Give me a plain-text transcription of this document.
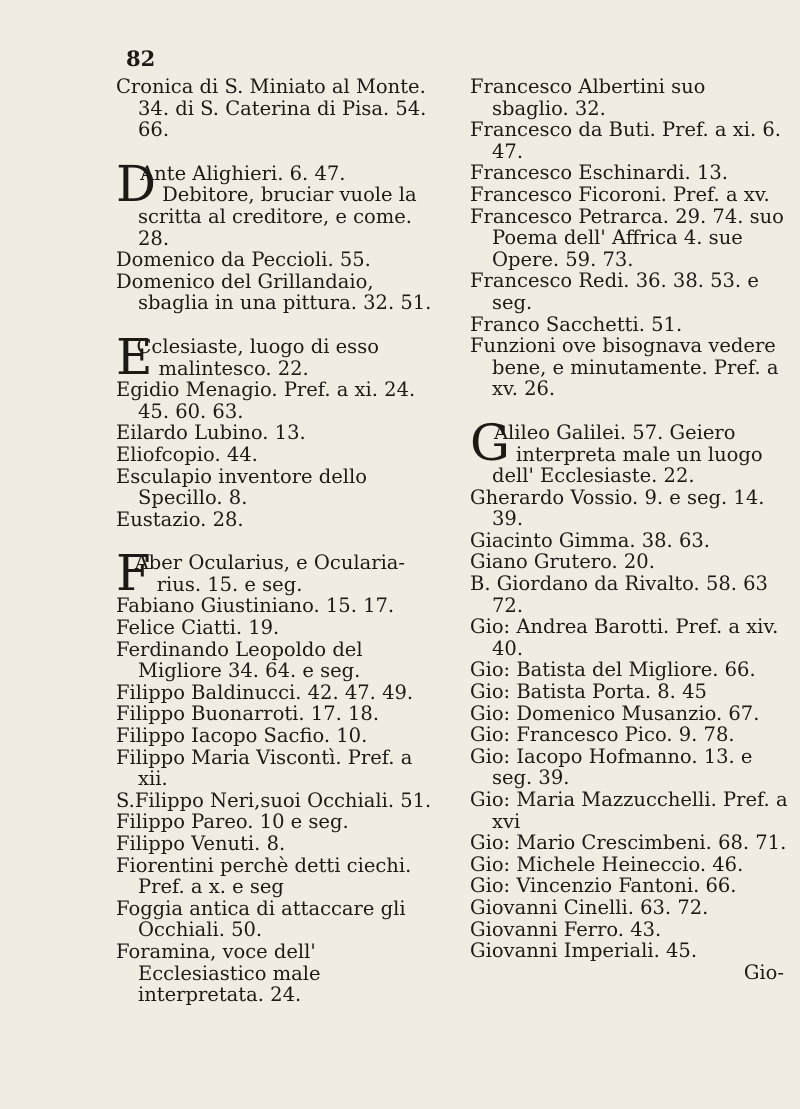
82

Cronica di S. Miniato al Monte. 34. di S. Caterina di Pisa. 54. 66.

D
Ante Alighieri. 6. 47. Debitore, bruciar vuole la scritta al creditore, e come. 28.

Domenico da Peccioli. 55.

Domenico del Grillandaio, sbaglia in una pittura. 32. 51.

E
Cclesiaste, luogo di esso malintesco. 22.

Egidio Menagio. Pref. a xi. 24. 45. 60. 63.

Eilardo Lubino. 13.

Eliofcopio. 44.

Esculapio inventore dello Specillo. 8.

Eustazio. 28.

F
Aber Ocularius, e Ocularia-rius. 15. e seg.

Fabiano Giustiniano. 15. 17.

Felice Ciatti. 19.

Ferdinando Leopoldo del Migliore 34. 64. e seg.

Filippo Baldinucci. 42. 47. 49.

Filippo Buonarroti. 17. 18.

Filippo Iacopo Sacfio. 10.

Filippo Maria Viscontì. Pref. a xii.

S.Filippo Neri,suoi Occhiali. 51.

Filippo Pareo. 10 e seg.

Filippo Venuti. 8.

Fiorentini perchè detti ciechi. Pref. a x. e seg

Foggia antica di attaccare gli Occhiali. 50.

Foramina, voce dell' Ecclesiastico male interpretata. 24.

Francesco Albertini suo sbaglio. 32.

Francesco da Buti. Pref. a xi. 6. 47.

Francesco Eschinardi. 13.

Francesco Ficoroni. Pref. a xv.

Francesco Petrarca. 29. 74. suo Poema dell' Affrica 4. sue Opere. 59. 73.

Francesco Redi. 36. 38. 53. e seg.

Franco Sacchetti. 51.

Funzioni ove bisognava vedere bene, e minutamente. Pref. a xv. 26.

G
Alileo Galilei. 57. Geiero interpreta male un luogo dell' Ecclesiaste. 22.

Gherardo Vossio. 9. e seg. 14. 39.

Giacinto Gimma. 38. 63.

Giano Grutero. 20.

B. Giordano da Rivalto. 58. 63 72.

Gio: Andrea Barotti. Pref. a xiv. 40.

Gio: Batista del Migliore. 66.

Gio: Batista Porta. 8. 45

Gio: Domenico Musanzio. 67.

Gio: Francesco Pico. 9. 78.

Gio: Iacopo Hofmanno. 13. e seg. 39.

Gio: Maria Mazzucchelli. Pref. a xvi

Gio: Mario Crescimbeni. 68. 71.

Gio: Michele Heineccio. 46.

Gio: Vincenzio Fantoni. 66.

Giovanni Cinelli. 63. 72.

Giovanni Ferro. 43.

Giovanni Imperiali. 45.

Gio-
